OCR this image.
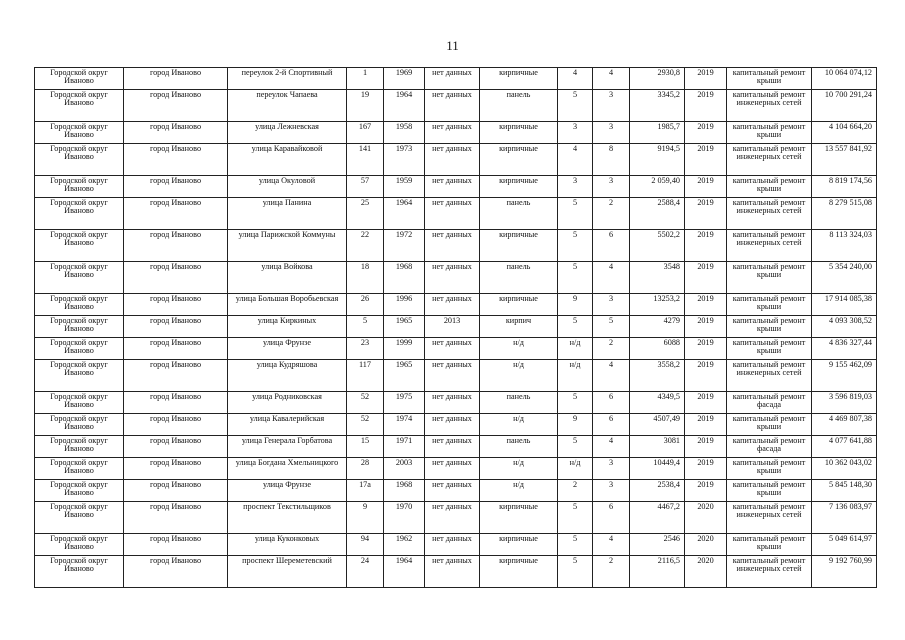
11
Городской округ Иваново	город Иваново	переулок 2-й Спортивный	1	1969	нет данных	кирпичные	4	4	2930,8	2019	капитальный ремонт крыши	10 064 074,12
Городской округ Иваново	город Иваново	переулок Чапаева	19	1964	нет данных	панель	5	3	3345,2	2019	капитальный ремонт инженерных сетей	10 700 291,24
Городской округ Иваново	город Иваново	улица Лежневская	167	1958	нет данных	кирпичные	3	3	1985,7	2019	капитальный ремонт крыши	4 104 664,20
Городской округ Иваново	город Иваново	улица Каравайковой	141	1973	нет данных	кирпичные	4	8	9194,5	2019	капитальный ремонт инженерных сетей	13 557 841,92
Городской округ Иваново	город Иваново	улица Окуловой	57	1959	нет данных	кирпичные	3	3	2 059,40	2019	капитальный ремонт крыши	8 819 174,56
Городской округ Иваново	город Иваново	улица Панина	25	1964	нет данных	панель	5	2	2588,4	2019	капитальный ремонт инженерных сетей	8 279 515,08
Городской округ Иваново	город Иваново	улица Парижской Коммуны	22	1972	нет данных	кирпичные	5	6	5502,2	2019	капитальный ремонт инженерных сетей	8 113 324,03
Городской округ Иваново	город Иваново	улица Войкова	18	1968	нет данных	панель	5	4	3548	2019	капитальный ремонт крыши	5 354 240,00
Городской округ Иваново	город Иваново	улица Большая Воробьевская	26	1996	нет данных	кирпичные	9	3	13253,2	2019	капитальный ремонт крыши	17 914 085,38
Городской округ Иваново	город Иваново	улица Киркиных	5	1965	2013	кирпич	5	5	4279	2019	капитальный ремонт крыши	4 093 308,52
Городской округ Иваново	город Иваново	улица Фрунзе	23	1999	нет данных	н/д	н/д	2	6088	2019	капитальный ремонт крыши	4 836 327,44
Городской округ Иваново	город Иваново	улица Кудряшова	117	1965	нет данных	н/д	н/д	4	3558,2	2019	капитальный ремонт инженерных сетей	9 155 462,09
Городской округ Иваново	город Иваново	улица Родниковская	52	1975	нет данных	панель	5	6	4349,5	2019	капитальный ремонт фасада	3 596 819,03
Городской округ Иваново	город Иваново	улица Кавалерийская	52	1974	нет данных	н/д	9	6	4507,49	2019	капитальный ремонт крыши	4 469 807,38
Городской округ Иваново	город Иваново	улица Генерала Горбатова	15	1971	нет данных	панель	5	4	3081	2019	капитальный ремонт фасада	4 077 641,88
Городской округ Иваново	город Иваново	улица Богдана Хмельницкого	28	2003	нет данных	н/д	н/д	3	10449,4	2019	капитальный ремонт крыши	10 362 043,02
Городской округ Иваново	город Иваново	улица Фрунзе	17а	1968	нет данных	н/д	2	3	2538,4	2019	капитальный ремонт крыши	5 845 148,30
Городской округ Иваново	город Иваново	проспект Текстильщиков	9	1970	нет данных	кирпичные	5	6	4467,2	2020	капитальный ремонт инженерных сетей	7 136 083,97
Городской округ Иваново	город Иваново	улица Куконковых	94	1962	нет данных	кирпичные	5	4	2546	2020	капитальный ремонт крыши	5 049 614,97
Городской округ Иваново	город Иваново	проспект Шереметевский	24	1964	нет данных	кирпичные	5	2	2116,5	2020	капитальный ремонт инженерных сетей	9 192 760,99
